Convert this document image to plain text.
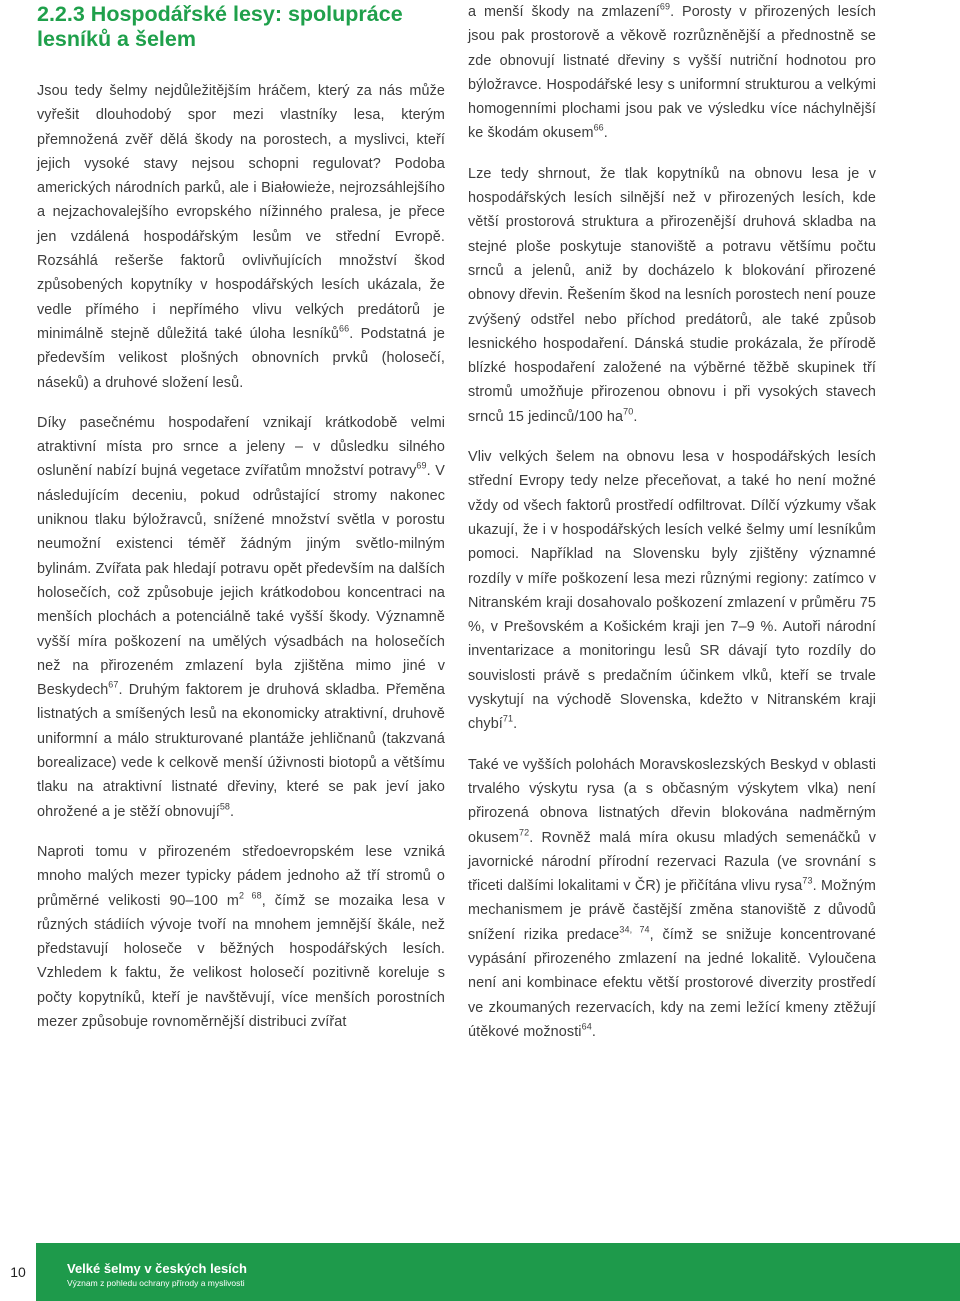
2.2.3 Hospodářské lesy: spolupráce lesníků a šelem

Jsou tedy šelmy nejdůležitějším hráčem, který za nás může vyřešit dlouhodobý spor mezi vlastníky lesa, kterým přemnožená zvěř dělá škody na porostech, a myslivci, kteří jejich vysoké stavy nejsou schopni regulovat? Podoba amerických národních parků, ale i Białowieże, nejrozsáhlejšího a nejzachovalejšího evropského nížinného pralesa, je přece jen vzdálená hospodářským lesům ve střední Evropě. Rozsáhlá rešerše faktorů ovlivňujících množství škod způsobených kopytníky v hospodářských lesích ukázala, že vedle přímého i nepřímého vlivu velkých predátorů je minimálně stejně důležitá také úloha lesníků$^{66}$. Podstatná je především velikost plošných obnovních prvků (holosečí, náseků) a druhové složení lesů.

Díky pasečnému hospodaření vznikají krátkodobě velmi atraktivní místa pro srnce a jeleny – v důsledku silného oslunění nabízí bujná vegetace zvířatům množství potravy$^{69}$. V následujícím deceniu, pokud odrůstající stromy nakonec uniknou tlaku býložravců, snížené množství světla v porostu neumožní existenci téměř žádným jiným světlo-milným bylinám. Zvířata pak hledají potravu opět především na dalších holosečích, což způsobuje jejich krátkodobou koncentraci na menších plochách a potenciálně také vyšší škody. Významně vyšší míra poškození na umělých výsadbách na holosečích než na přirozeném zmlazení byla zjištěna mimo jiné v Beskydech$^{67}$. Druhým faktorem je druhová skladba. Přeměna listnatých a smíšených lesů na ekonomicky atraktivní, druhově uniformní a málo strukturované plantáže jehličnanů (takzvaná borealizace) vede k celkově menší úživnosti biotopů a většímu tlaku na atraktivní listnaté dřeviny, které se pak jeví jako ohrožené a je stěží obnovují$^{58}$.

Naproti tomu v přirozeném středoevropském lese vzniká mnoho malých mezer typicky pádem jednoho až tří stromů o průměrné velikosti 90–100 $m^{2 68}$, čímž se mozaika lesa v různých stádiích vývoje tvoří na mnohem jemnější škále, než představují holoseče v běžných hospodářských lesích. Vzhledem k faktu, že velikost holosečí pozitivně koreluje s počty kopytníků, kteří je navštěvují, více menších porostních mezer způsobuje rovnoměrnější distribuci zvířat

a menší škody na zmlazení$^{69}$. Porosty v přirozených lesích jsou pak prostorově a věkově rozrůzněnější a přednostně se zde obnovují listnaté dřeviny s vyšší nutriční hodnotou pro býložravce. Hospodářské lesy s uniformní strukturou a velkými homogenními plochami jsou pak ve výsledku více náchylnější ke škodám okusem$^{66}$.

Lze tedy shrnout, že tlak kopytníků na obnovu lesa je v hospodářských lesích silnější než v přirozených lesích, kde větší prostorová struktura a přirozenější druhová skladba na stejné ploše poskytuje stanoviště a potravu většímu počtu srnců a jelenů, aniž by docházelo k blokování přirozené obnovy dřevin. Řešením škod na lesních porostech není pouze zvýšený odstřel nebo příchod predátorů, ale také způsob lesnického hospodaření. Dánská studie prokázala, že přírodě blízké hospodaření založené na výběrné těžbě skupinek tří stromů umožňuje přirozenou obnovu i při vysokých stavech srnců 15 jedinců/100 $ha^{70}$.

Vliv velkých šelem na obnovu lesa v hospodářských lesích střední Evropy tedy nelze přeceňovat, a také ho není možné vždy od všech faktorů prostředí odfiltrovat. Dílčí výzkumy však ukazují, že i v hospodářských lesích velké šelmy umí lesníkům pomoci. Například na Slovensku byly zjištěny významné rozdíly v míře poškození lesa mezi různými regiony: zatímco v Nitranském kraji dosahovalo poškození zmlazení v průměru 75 %, v Prešovském a Košickém kraji jen 7–9 %. Autoři národní inventarizace a monitoringu lesů SR dávají tyto rozdíly do souvislosti právě s predačním účinkem vlků, kteří se trvale vyskytují na východě Slovenska, kdežto v Nitranském kraji chybí$^{71}$.

Také ve vyšších polohách Moravskoslezských Beskyd v oblasti trvalého výskytu rysa (a s občasným výskytem vlka) není přirozená obnova listnatých dřevin blokována nadměrným okusem$^{72}$. Rovněž malá míra okusu mladých semenáčků v javornické národní přírodní rezervaci Razula (ve srovnání s třiceti dalšími lokalitami v ČR) je přičítána vlivu rysa$^{73}$. Možným mechanismem je právě častější změna stanoviště z důvodů snížení rizika predace$^{34, 74}$, čímž se snižuje koncentrované vypásání přirozeného zmlazení na jedné lokalitě. Vyloučena není ani kombinace efektu větší prostorové diverzity prostředí ve zkoumaných rezervacích, kdy na zemi ležící kmeny ztěžují útěkové možnosti$^{64}$.

10	Velké šelmy v českých lesích
Význam z pohledu ochrany přírody a myslivosti
